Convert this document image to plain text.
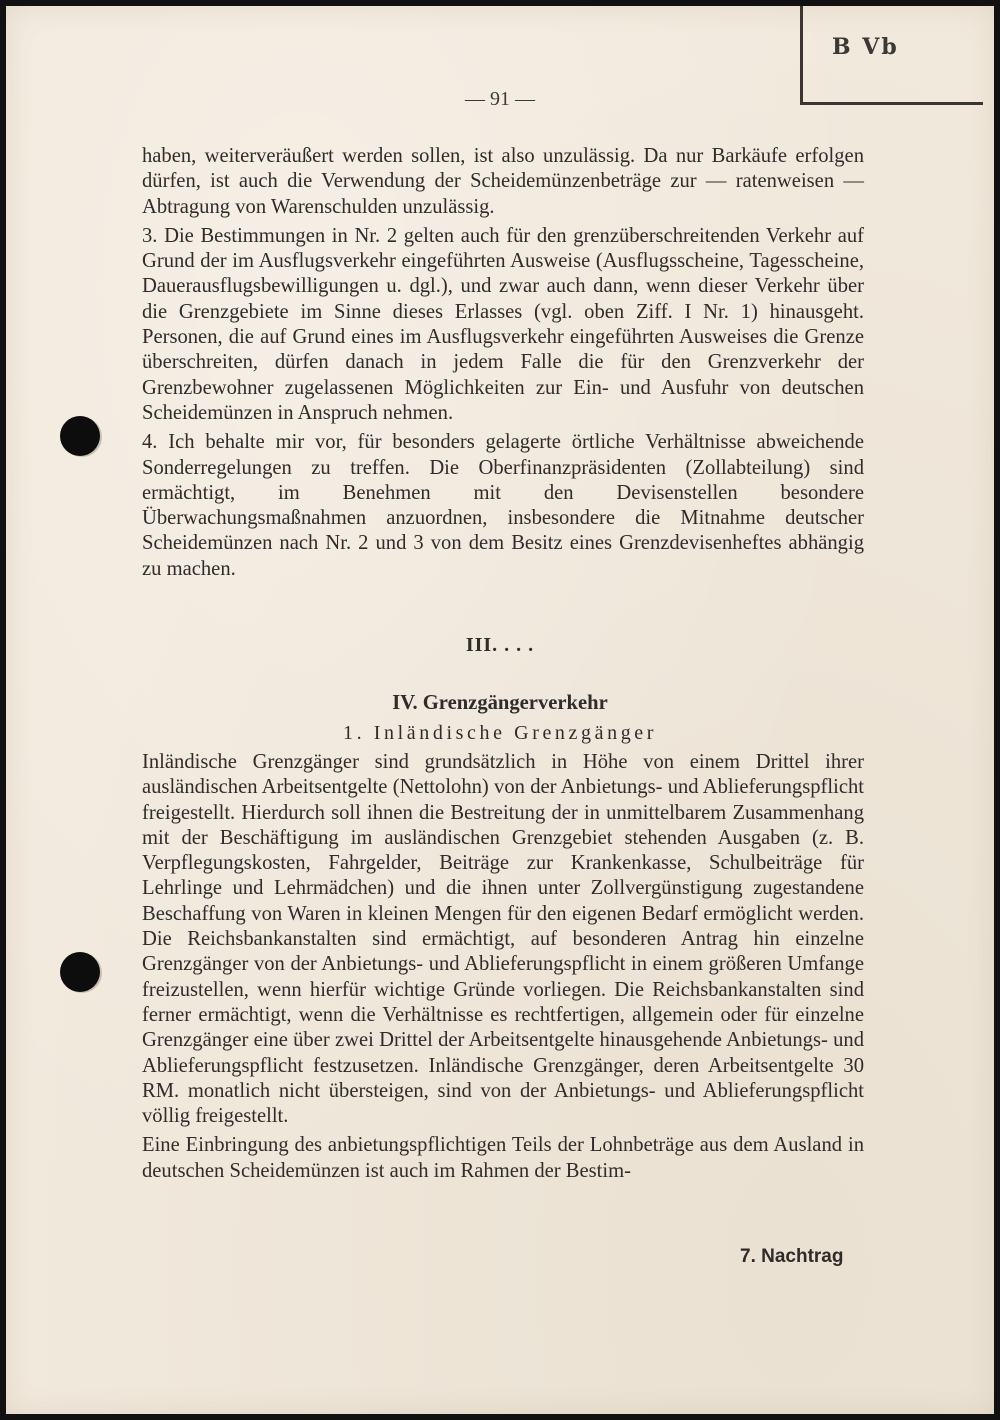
B Vb
— 91 —

haben, weiterveräußert werden sollen, ist also unzulässig. Da nur Barkäufe erfolgen dürfen, ist auch die Verwendung der Scheidemünzenbeträge zur — ratenweisen — Abtragung von Warenschulden unzulässig.

3. Die Bestimmungen in Nr. 2 gelten auch für den grenzüberschreitenden Verkehr auf Grund der im Ausflugsverkehr eingeführten Ausweise (Ausflugsscheine, Tagesscheine, Dauerausflugsbewilligungen u. dgl.), und zwar auch dann, wenn dieser Verkehr über die Grenzgebiete im Sinne dieses Erlasses (vgl. oben Ziff. I Nr. 1) hinausgeht. Personen, die auf Grund eines im Ausflugsverkehr eingeführten Ausweises die Grenze überschreiten, dürfen danach in jedem Falle die für den Grenzverkehr der Grenzbewohner zugelassenen Möglichkeiten zur Ein- und Ausfuhr von deutschen Scheidemünzen in Anspruch nehmen.

4. Ich behalte mir vor, für besonders gelagerte örtliche Verhältnisse abweichende Sonderregelungen zu treffen. Die Oberfinanzpräsidenten (Zollabteilung) sind ermächtigt, im Benehmen mit den Devisenstellen besondere Überwachungsmaßnahmen anzuordnen, insbesondere die Mitnahme deutscher Scheidemünzen nach Nr. 2 und 3 von dem Besitz eines Grenzdevisenheftes abhängig zu machen.

III. . . .
IV. Grenzgängerverkehr
1. Inländische Grenzgänger

Inländische Grenzgänger sind grundsätzlich in Höhe von einem Drittel ihrer ausländischen Arbeitsentgelte (Nettolohn) von der Anbietungs- und Ablieferungspflicht freigestellt. Hierdurch soll ihnen die Bestreitung der in unmittelbarem Zusammenhang mit der Beschäftigung im ausländischen Grenzgebiet stehenden Ausgaben (z. B. Verpflegungskosten, Fahrgelder, Beiträge zur Krankenkasse, Schulbeiträge für Lehrlinge und Lehrmädchen) und die ihnen unter Zollvergünstigung zugestandene Beschaffung von Waren in kleinen Mengen für den eigenen Bedarf ermöglicht werden. Die Reichsbankanstalten sind ermächtigt, auf besonderen Antrag hin einzelne Grenzgänger von der Anbietungs- und Ablieferungspflicht in einem größeren Umfange freizustellen, wenn hierfür wichtige Gründe vorliegen. Die Reichsbankanstalten sind ferner ermächtigt, wenn die Verhältnisse es rechtfertigen, allgemein oder für einzelne Grenzgänger eine über zwei Drittel der Arbeitsentgelte hinausgehende Anbietungs- und Ablieferungspflicht festzusetzen. Inländische Grenzgänger, deren Arbeitsentgelte 30 RM. monatlich nicht übersteigen, sind von der Anbietungs- und Ablieferungspflicht völlig freigestellt.

Eine Einbringung des anbietungspflichtigen Teils der Lohnbeträge aus dem Ausland in deutschen Scheidemünzen ist auch im Rahmen der Bestim-

7. Nachtrag
